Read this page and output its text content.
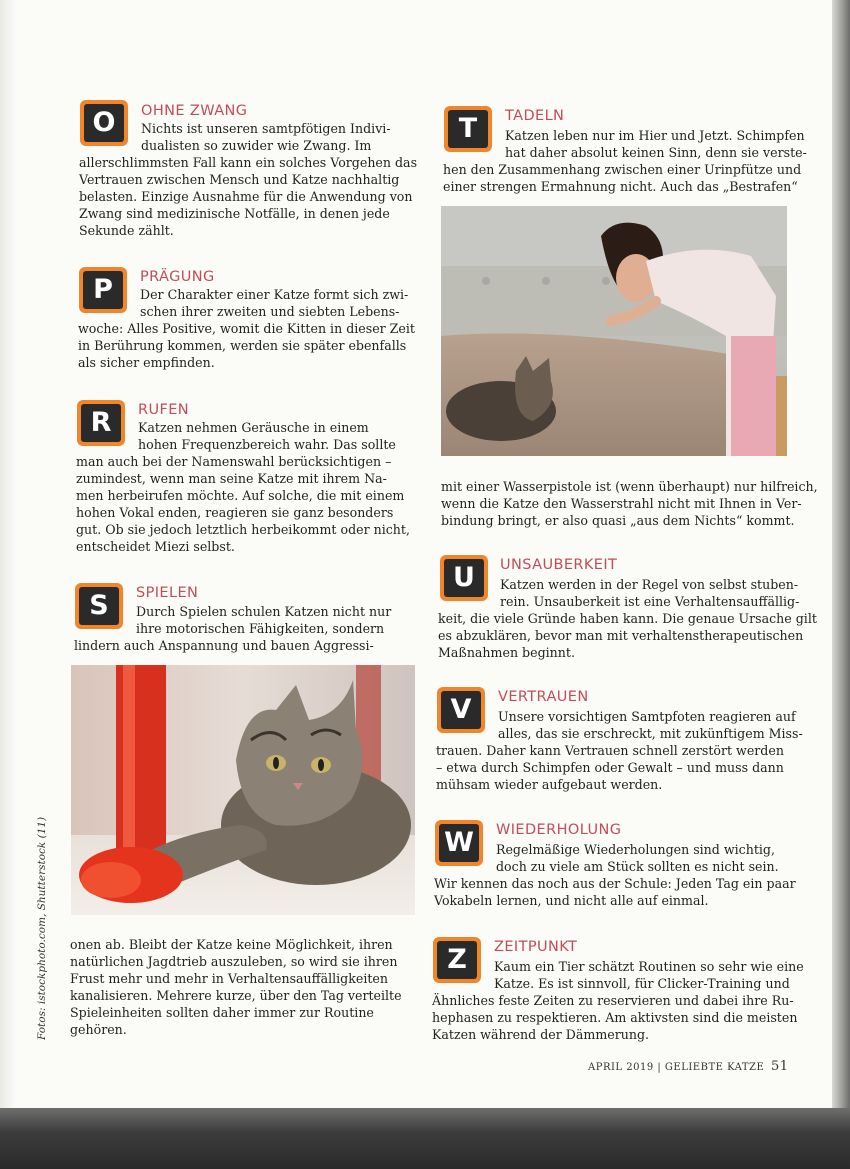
O	OHNE ZWANG
Nichts ist unseren samtpfötigen Indivi-
dualisten so zuwider wie Zwang. Im
allerschlimmsten Fall kann ein solches Vorgehen das
Vertrauen zwischen Mensch und Katze nachhaltig
belasten. Einzige Ausnahme für die Anwendung von
Zwang sind medizinische Notfälle, in denen jede
Sekunde zählt.
P	PRÄGUNG
Der Charakter einer Katze formt sich zwi-
schen ihrer zweiten und siebten Lebens-
woche: Alles Positive, womit die Kitten in dieser Zeit
in Berührung kommen, werden sie später ebenfalls
als sicher empfinden.
R	RUFEN
Katzen nehmen Geräusche in einem
hohen Frequenzbereich wahr. Das sollte
man auch bei der Namenswahl berücksichtigen –
zumindest, wenn man seine Katze mit ihrem Na-
men herbeirufen möchte. Auf solche, die mit einem
hohen Vokal enden, reagieren sie ganz besonders
gut. Ob sie jedoch letztlich herbeikommt oder nicht,
entscheidet Miezi selbst.
S	SPIELEN
Durch Spielen schulen Katzen nicht nur
ihre motorischen Fähigkeiten, sondern
lindern auch Anspannung und bauen Aggressi-
onen ab. Bleibt der Katze keine Möglichkeit, ihren
natürlichen Jagdtrieb auszuleben, so wird sie ihren
Frust mehr und mehr in Verhaltensauffälligkeiten
kanalisieren. Mehrere kurze, über den Tag verteilte
Spieleinheiten sollten daher immer zur Routine
gehören.
T	TADELN
Katzen leben nur im Hier und Jetzt. Schimpfen
hat daher absolut keinen Sinn, denn sie verste-
hen den Zusammenhang zwischen einer Urinpfütze und
einer strengen Ermahnung nicht. Auch das „Bestrafen“
mit einer Wasserpistole ist (wenn überhaupt) nur hilfreich,
wenn die Katze den Wasserstrahl nicht mit Ihnen in Ver-
bindung bringt, er also quasi „aus dem Nichts“ kommt.
U	UNSAUBERKEIT
Katzen werden in der Regel von selbst stuben-
rein. Unsauberkeit ist eine Verhaltensauffällig-
keit, die viele Gründe haben kann. Die genaue Ursache gilt
es abzuklären, bevor man mit verhaltenstherapeutischen
Maßnahmen beginnt.
V	VERTRAUEN
Unsere vorsichtigen Samtpfoten reagieren auf
alles, das sie erschreckt, mit zukünftigem Miss-
trauen. Daher kann Vertrauen schnell zerstört werden
– etwa durch Schimpfen oder Gewalt – und muss dann
mühsam wieder aufgebaut werden.
W	WIEDERHOLUNG
Regelmäßige Wiederholungen sind wichtig,
doch zu viele am Stück sollten es nicht sein.
Wir kennen das noch aus der Schule: Jeden Tag ein paar
Vokabeln lernen, und nicht alle auf einmal.
Z	ZEITPUNKT
Kaum ein Tier schätzt Routinen so sehr wie eine
Katze. Es ist sinnvoll, für Clicker-Training und
Ähnliches feste Zeiten zu reservieren und dabei ihre Ru-
hephasen zu respektieren. Am aktivsten sind die meisten
Katzen während der Dämmerung.
Fotos: istockphoto.com, Shutterstock (11)
APRIL 2019 | GELIEBTE KATZE 51
